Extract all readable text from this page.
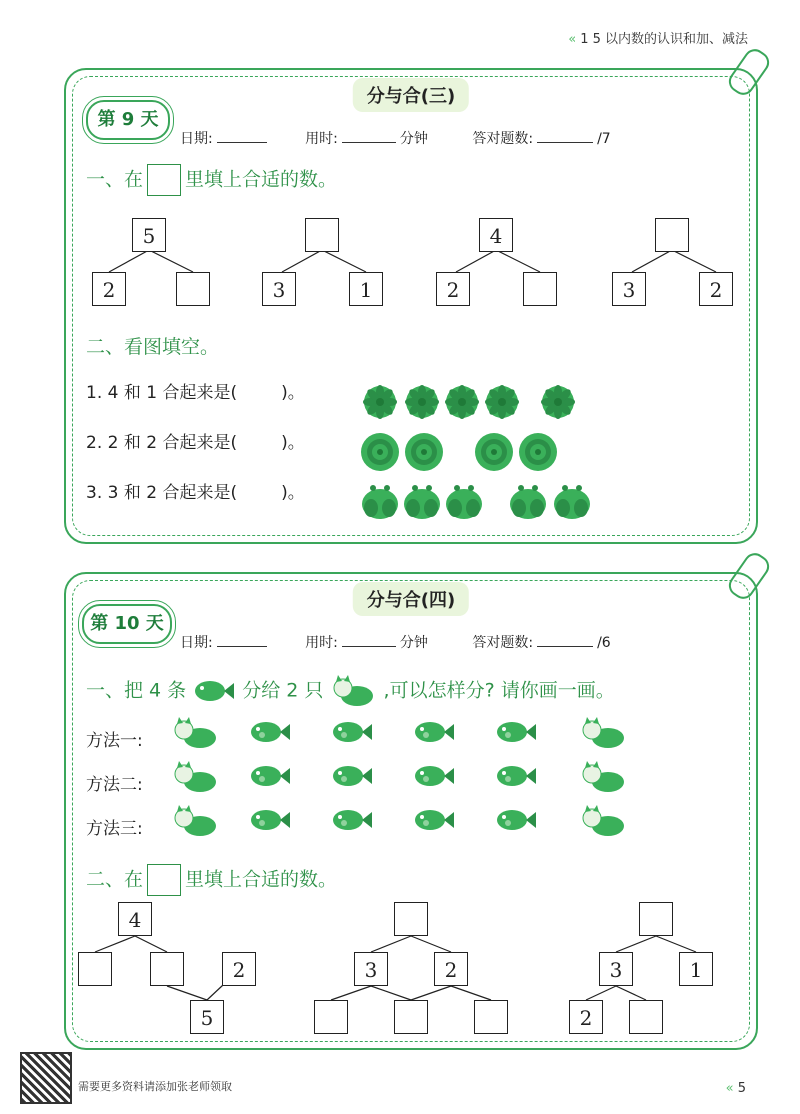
« 1 5 以内数的认识和加、减法
分与合(三)
第 9 天
日期:	用时:	分钟	答对题数:	/7
一、在 里填上合适的数。
5
2	3	1
4
2	3	2
二、看图填空。
1. 4 和 1 合起来是(	)。
2. 2 和 2 合起来是(	)。
3. 3 和 2 合起来是(	)。
分与合(四)
第 10 天
日期:	用时:	分钟	答对题数:	/6
一、把 4 条	分给 2 只	,可以怎样分? 请你画一画。
方法一:
方法二:
方法三:
二、在 里填上合适的数。
4
2
5
3	2	3	1
2
需要更多资料请添加张老师领取	« 5
